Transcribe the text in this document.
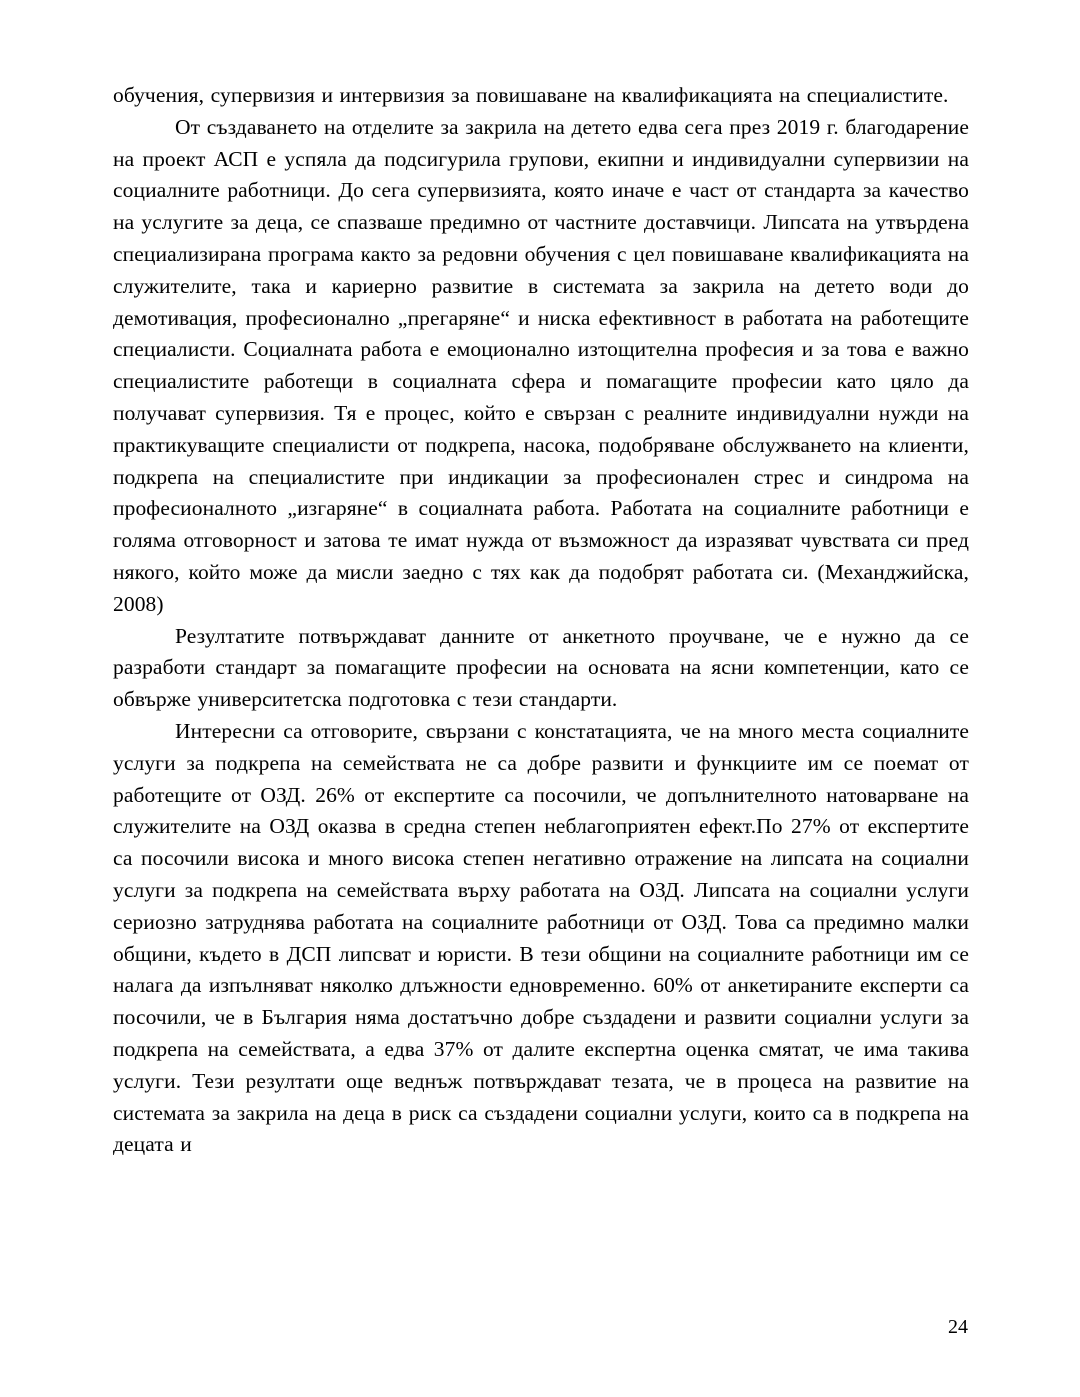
обучения, супервизия и интервизия за повишаване на квалификацията на специалистите.

От създаването на отделите за закрила на детето едва сега през 2019 г. благодарение на проект АСП е успяла да подсигурила групови, екипни и индивидуални супервизии на социалните работници. До сега супервизията, която иначе е част от стандарта за качество на услугите за деца, се спазваше предимно от частните доставчици. Липсата на утвърдена специализирана програма както за редовни обучения с цел повишаване квалификацията на служителите, така и кариерно развитие в системата за закрила на детето води до демотивация, професионално „прегаряне“ и ниска ефективност в работата на работещите специалисти. Социалната работа е емоционално изтощителна професия и за това е важно специалистите работещи в социалната сфера и помагащите професии като цяло да получават супервизия. Тя е процес, който е свързан с реалните индивидуални нужди на практикуващите специалисти от подкрепа, насока, подобряване обслужването на клиенти, подкрепа на специалистите при индикации за професионален стрес и синдрома на професионалното „изгаряне“ в социалната работа. Работата на социалните работници е голяма отговорност и затова те имат нужда от възможност да изразяват чувствата си пред някого, който може да мисли заедно с тях как да подобрят работата си. (Механджийска, 2008)

Резултатите потвърждават данните от анкетното проучване, че е нужно да се разработи стандарт за помагащите професии на основата на ясни компетенции, като се обвърже университетска подготовка с тези стандарти.

Интересни са отговорите, свързани с констатацията, че на много места социалните услуги за подкрепа на семействата не са добре развити и функциите им се поемат от работещите от ОЗД. 26% от експертите са посочили, че допълнителното натоварване на служителите на ОЗД оказва в средна степен неблагоприятен ефект.По 27% от експертите са посочили висока и много висока степен негативно отражение на липсата на социални услуги за подкрепа на семействата върху работата на ОЗД. Липсата на социални услуги сериозно затруднява работата на социалните работници от ОЗД. Това са предимно малки общини, където в ДСП липсват и юристи. В тези общини на социалните работници им се налага да изпълняват няколко длъжности едновременно. 60% от анкетираните експерти са посочили, че в България няма достатъчно добре създадени и развити социални услуги за подкрепа на семействата, а едва 37% от далите експертна оценка смятат, че има такива услуги. Тези резултати още веднъж потвърждават тезата, че в процеса на развитие на системата за закрила на деца в риск са създадени социални услуги, които са в подкрепа на децата и

24
